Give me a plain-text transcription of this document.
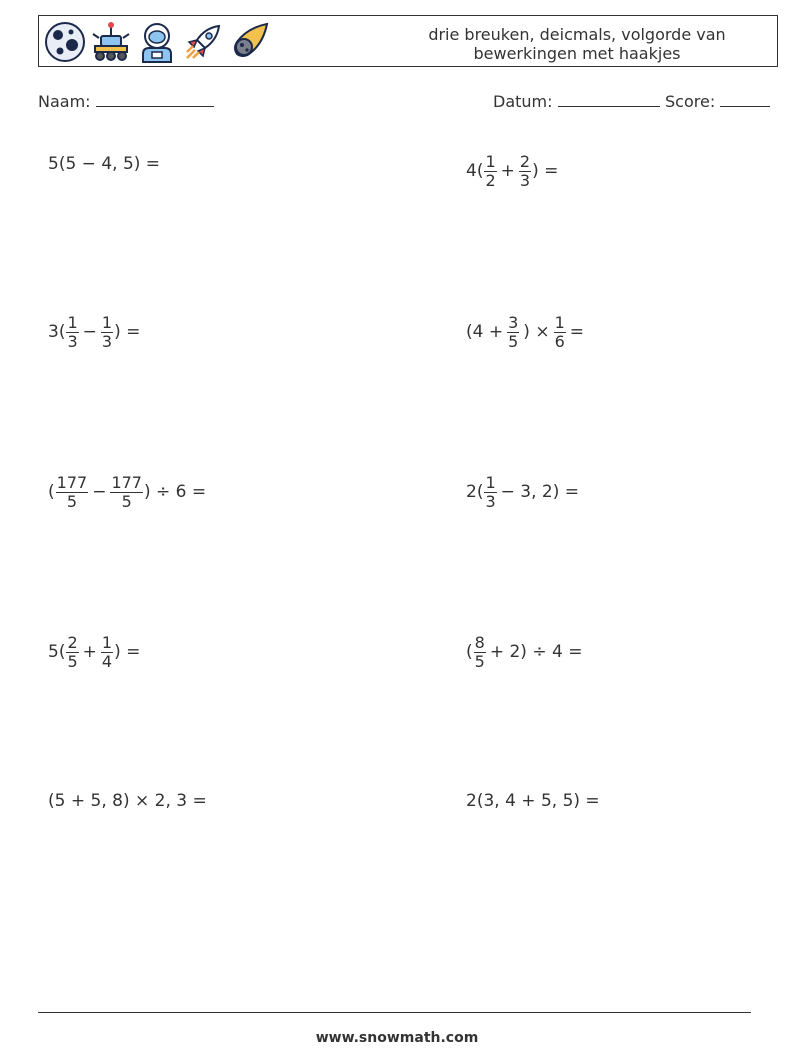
drie breuken, deicmals, volgorde van
bewerkingen met haakjes
Naam:	Datum:	Score:
5(5 − 4, 5) =	$4( \frac{1}{2} + \frac{2}{3}$ ) =
$3( \frac{1}{3} - \frac{1}{3}$ ) =	($4 + \frac{3}{5}$ ) × $\frac{1}{6}$ =
( $\frac{177}{5} - \frac{177}{5}$ ) ÷ 6 =	$2( \frac{1}{3} - 3$, 2) =
$5( \frac{2}{5} + \frac{1}{4}$ ) =	( $\frac{8}{5} + 2) \div 4$ =
(5 + 5, 8) × 2, 3 =	2(3, 4 + 5, 5) =
www.snowmath.com
